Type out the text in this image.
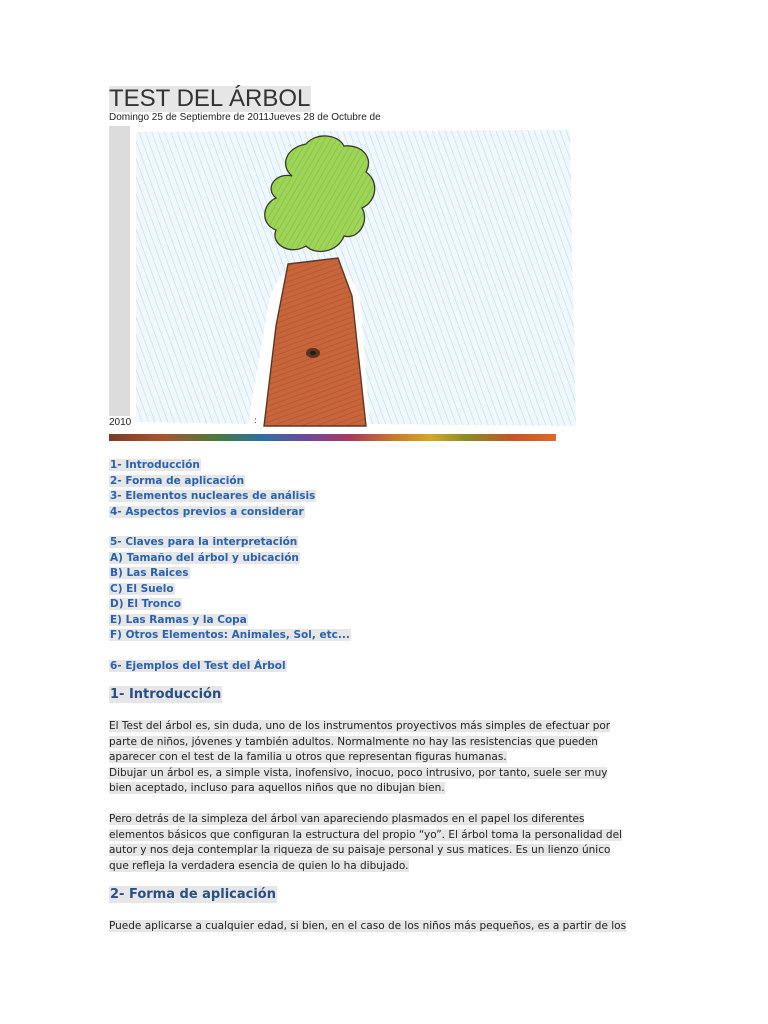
TEST DEL ÁRBOL
Domingo 25 de Septiembre de 2011Jueves 28 de Octubre de
:
2010
1- Introducción
2- Forma de aplicación
3- Elementos nucleares de análisis
4- Aspectos previos a considerar
5- Claves para la interpretación
A) Tamaño del árbol y ubicación
B) Las Raices
C) El Suelo
D) El Tronco
E) Las Ramas y la Copa
F) Otros Elementos: Animales, Sol, etc...
6- Ejemplos del Test del Árbol
1- Introducción

El Test del árbol es, sin duda, uno de los instrumentos proyectivos más simples de efectuar por
parte de niños, jóvenes y también adultos. Normalmente no hay las resistencias que pueden
aparecer con el test de la familia u otros que representan figuras humanas.
Dibujar un árbol es, a simple vista, inofensivo, inocuo, poco intrusivo, por tanto, suele ser muy
bien aceptado, incluso para aquellos niños que no dibujan bien.

Pero detrás de la simpleza del árbol van apareciendo plasmados en el papel los diferentes
elementos básicos que configuran la estructura del propio “yo”. El árbol toma la personalidad del
autor y nos deja contemplar la riqueza de su paisaje personal y sus matices. Es un lienzo único
que refleja la verdadera esencia de quien lo ha dibujado.

2- Forma de aplicación

Puede aplicarse a cualquier edad, si bien, en el caso de los niños más pequeños, es a partir de los
